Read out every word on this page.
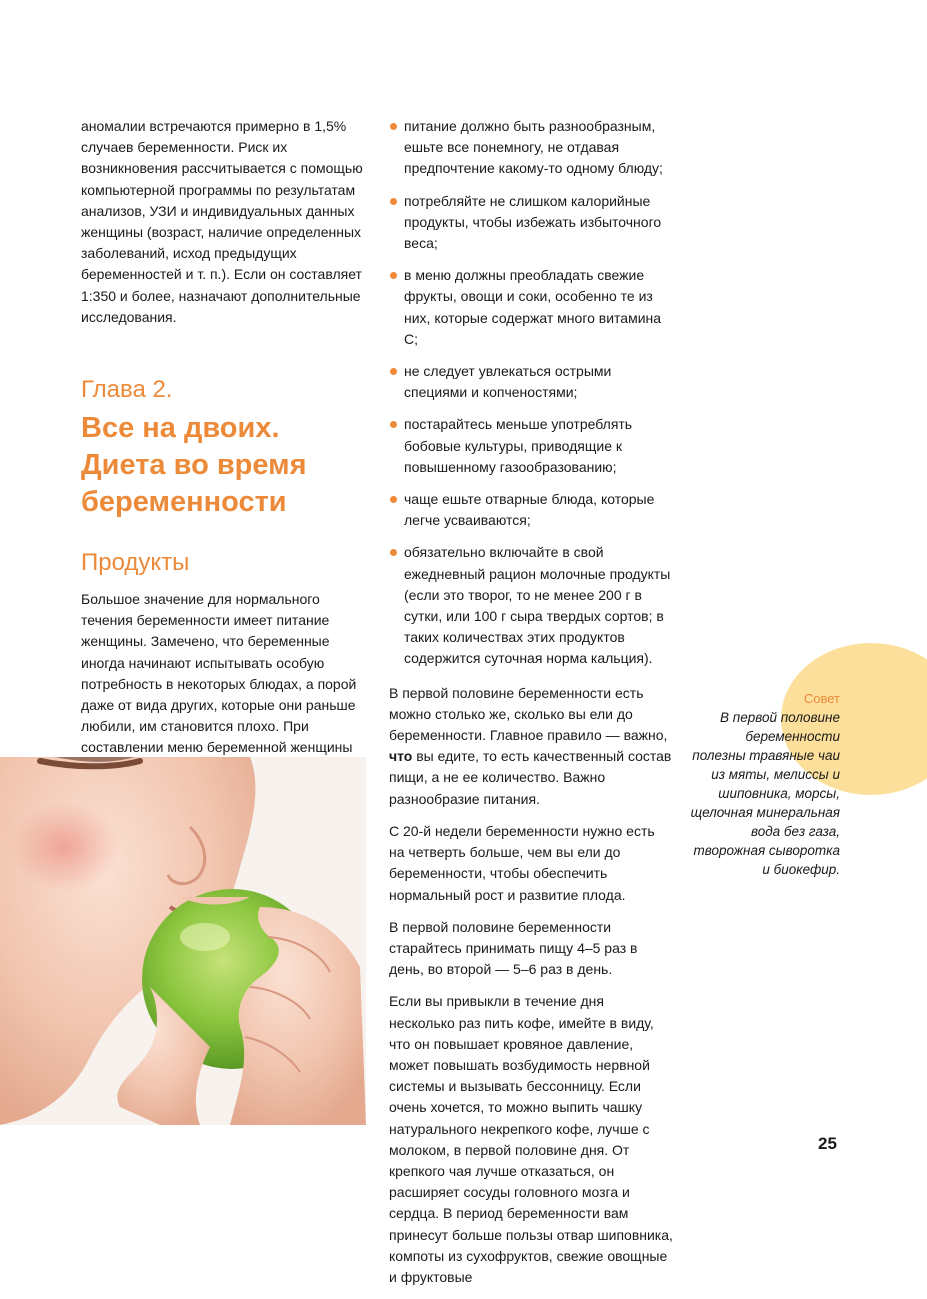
аномалии встречаются примерно в 1,5% случаев беременности. Риск их возникновения рассчитывается с помощью компьютерной программы по результатам анализов, УЗИ и индивидуальных данных женщины (возраст, наличие определенных заболеваний, исход предыдущих беременностей и т. п.). Если он составляет 1:350 и более, назначают дополнительные исследования.

Глава 2.
Все на двоих. Диета во время беременности
Продукты

Большое значение для нормального течения беременности имеет питание женщины. Замечено, что беременные иногда начинают испытывать особую потребность в некоторых блюдах, а порой даже от вида других, которые они раньше любили, им становится плохо. При составлении меню беременной женщины

питание должно быть разнообразным, ешьте все понемногу, не отдавая предпочтение какому-то одному блюду;
потребляйте не слишком калорийные продукты, чтобы избежать избыточного веса;
в меню должны преобладать свежие фрукты, овощи и соки, особенно те из них, которые содержат много витамина С;
не следует увлекаться острыми специями и копченостями;
постарайтесь меньше употреблять бобовые культуры, приводящие к повышенному газообразованию;
чаще ешьте отварные блюда, которые легче усваиваются;
обязательно включайте в свой ежедневный рацион молочные продукты (если это творог, то не менее 200 г в сутки, или 100 г сыра твердых сортов; в таких количествах этих продуктов содержится суточная норма кальция).

В первой половине беременности есть можно столько же, сколько вы ели до беременности. Главное правило — важно, что вы едите, то есть качественный состав пищи, а не ее количество. Важно разнообразие питания.

С 20-й недели беременности нужно есть на четверть больше, чем вы ели до беременности, чтобы обеспечить нормальный рост и развитие плода.

В первой половине беременности старайтесь принимать пищу 4–5 раз в день, во второй — 5–6 раз в день.

Если вы привыкли в течение дня несколько раз пить кофе, имейте в виду, что он повышает кровяное давление, может повышать возбудимость нервной системы и вызывать бессонницу. Если очень хочется, то можно выпить чашку натурального некрепкого кофе, лучше с молоком, в первой половине дня. От крепкого чая лучше отказаться, он расширяет сосуды головного мозга и сердца. В период беременности вам принесут больше пользы отвар шиповника, компоты из сухофруктов, свежие овощные и фруктовые

Совет
В первой половине беременности полезны травяные чаи из мяты, мелиссы и шиповника, морсы, щелочная минеральная вода без газа, творожная сыворотка и биокефир.
25
